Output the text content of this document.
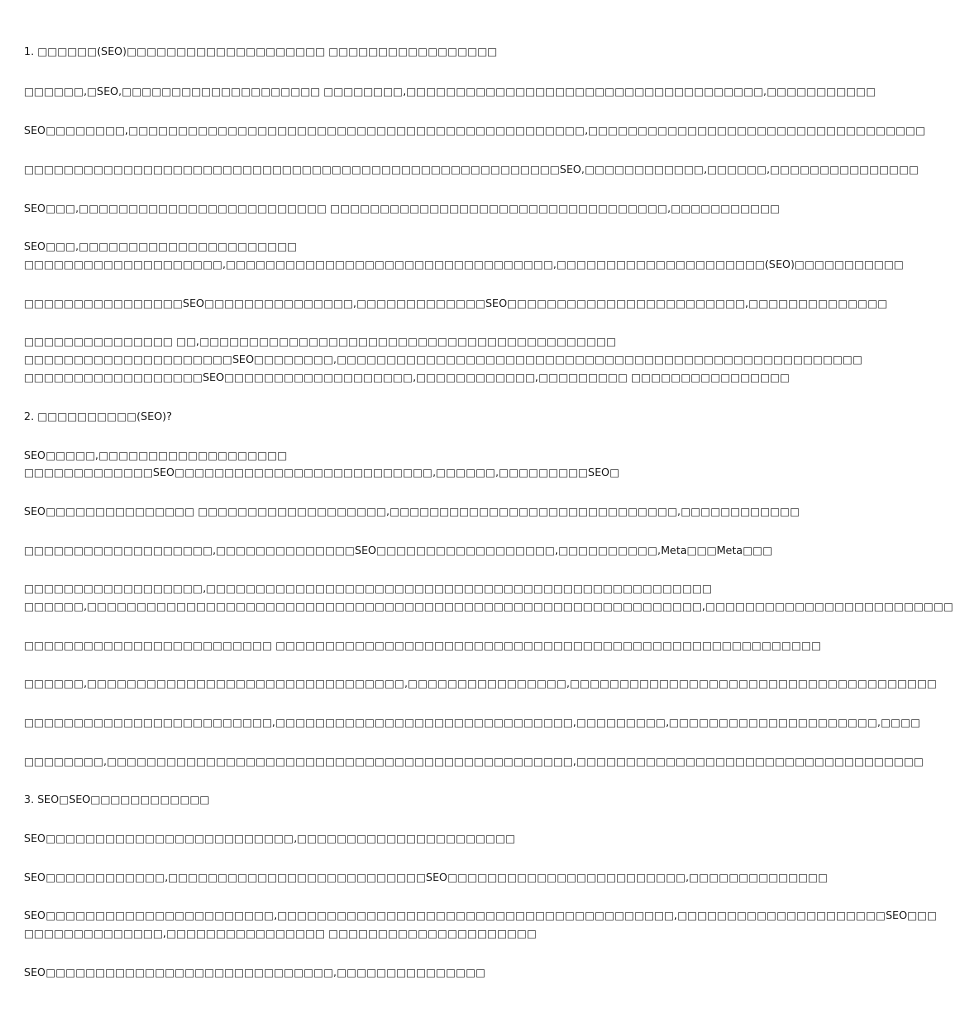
1. □□□□□□(SEO)□□□□□□□□□□□□□□□□□□□□ □□□□□□□□□□□□□□□□□
□□□□□□,□SEO,□□□□□□□□□□□□□□□□□□□□ □□□□□□□□,□□□□□□□□□□□□□□□□□□□□□□□□□□□□□□□□□□□□,□□□□□□□□□□□
SEO□□□□□□□□,□□□□□□□□□□□□□□□□□□□□□□□□□□□□□□□□□□□□□□□□□□□□□□,□□□□□□□□□□□□□□□□□□□□□□□□□□□□□□□□□□
□□□□□□□□□□□□□□□□□□□□□□□□□□□□□□□□□□□□□□□□□□□□□□□□□□□□□□SEO,□□□□□□□□□□□□,□□□□□□,□□□□□□□□□□□□□□□
SEO□□□,□□□□□□□□□□□□□□□□□□□□□□□□□ □□□□□□□□□□□□□□□□□□□□□□□□□□□□□□□□□□,□□□□□□□□□□□
SEO□□□,□□□□□□□□□□□□□□□□□□□□□□
□□□□□□□□□□□□□□□□□□□□,□□□□□□□□□□□□□□□□□□□□□□□□□□□□□□□□□,□□□□□□□□□□□□□□□□□□□□□(SEO)□□□□□□□□□□□
□□□□□□□□□□□□□□□□SEO□□□□□□□□□□□□□□□,□□□□□□□□□□□□□SEO□□□□□□□□□□□□□□□□□□□□□□□□,□□□□□□□□□□□□□□
□□□□□□□□□□□□□□□ □□,□□□□□□□□□□□□□□□□□□□□□□□□□□□□□□□□□□□□□□□□□□
□□□□□□□□□□□□□□□□□□□□□SEO□□□□□□□□,□□□□□□□□□□□□□□□□□□□□□□□□□□□□□□□□□□□□□□□□□□□□□□□□□□□□□
□□□□□□□□□□□□□□□□□□SEO□□□□□□□□□□□□□□□□□□□,□□□□□□□□□□□□,□□□□□□□□□ □□□□□□□□□□□□□□□□
2. □□□□□□□□□□(SEO)?
SEO□□□□□,□□□□□□□□□□□□□□□□□□□
□□□□□□□□□□□□□SEO□□□□□□□□□□□□□□□□□□□□□□□□□□,□□□□□□,□□□□□□□□□SEO□
SEO□□□□□□□□□□□□□□□ □□□□□□□□□□□□□□□□□□□,□□□□□□□□□□□□□□□□□□□□□□□□□□□□□,□□□□□□□□□□□□
□□□□□□□□□□□□□□□□□□□,□□□□□□□□□□□□□□SEO□□□□□□□□□□□□□□□□□□,□□□□□□□□□□,Meta□□□Meta□□□
□□□□□□□□□□□□□□□□□□,□□□□□□□□□□□□□□□□□□□□□□□□□□□□□□□□□□□□□□□□□□□□□□□□□□□
□□□□□□,□□□□□□□□□□□□□□□□□□□□□□□□□□□□□□□□□□□□□□□□□□□□□□□□□□□□□□□□□□□□□□,□□□□□□□□□□□□□□□□□□□□□□□□□
□□□□□□□□□□□□□□□□□□□□□□□□□ □□□□□□□□□□□□□□□□□□□□□□□□□□□□□□□□□□□□□□□□□□□□□□□□□□□□□□□
□□□□□□,□□□□□□□□□□□□□□□□□□□□□□□□□□□□□□□□,□□□□□□□□□□□□□□□□,□□□□□□□□□□□□□□□□□□□□□□□□□□□□□□□□□□□□□
□□□□□□□□□□□□□□□□□□□□□□□□□,□□□□□□□□□□□□□□□□□□□□□□□□□□□□□□,□□□□□□□□□,□□□□□□□□□□□□□□□□□□□□□,□□□□
□□□□□□□□,□□□□□□□□□□□□□□□□□□□□□□□□□□□□□□□□□□□□□□□□□□□□□□□,□□□□□□□□□□□□□□□□□□□□□□□□□□□□□□□□□□□
3. SEO□SEO□□□□□□□□□□□□
SEO□□□□□□□□□□□□□□□□□□□□□□□□□,□□□□□□□□□□□□□□□□□□□□□□
SEO□□□□□□□□□□□□,□□□□□□□□□□□□□□□□□□□□□□□□□□SEO□□□□□□□□□□□□□□□□□□□□□□□□,□□□□□□□□□□□□□□
SEO□□□□□□□□□□□□□□□□□□□□□□□,□□□□□□□□□□□□□□□□□□□□□□□□□□□□□□□□□□□□□□□□,□□□□□□□□□□□□□□□□□□□□□SEO□□□
□□□□□□□□□□□□□□,□□□□□□□□□□□□□□□□ □□□□□□□□□□□□□□□□□□□□□
SEO□□□□□□□□□□□□□□□□□□□□□□□□□□□□□,□□□□□□□□□□□□□□□
